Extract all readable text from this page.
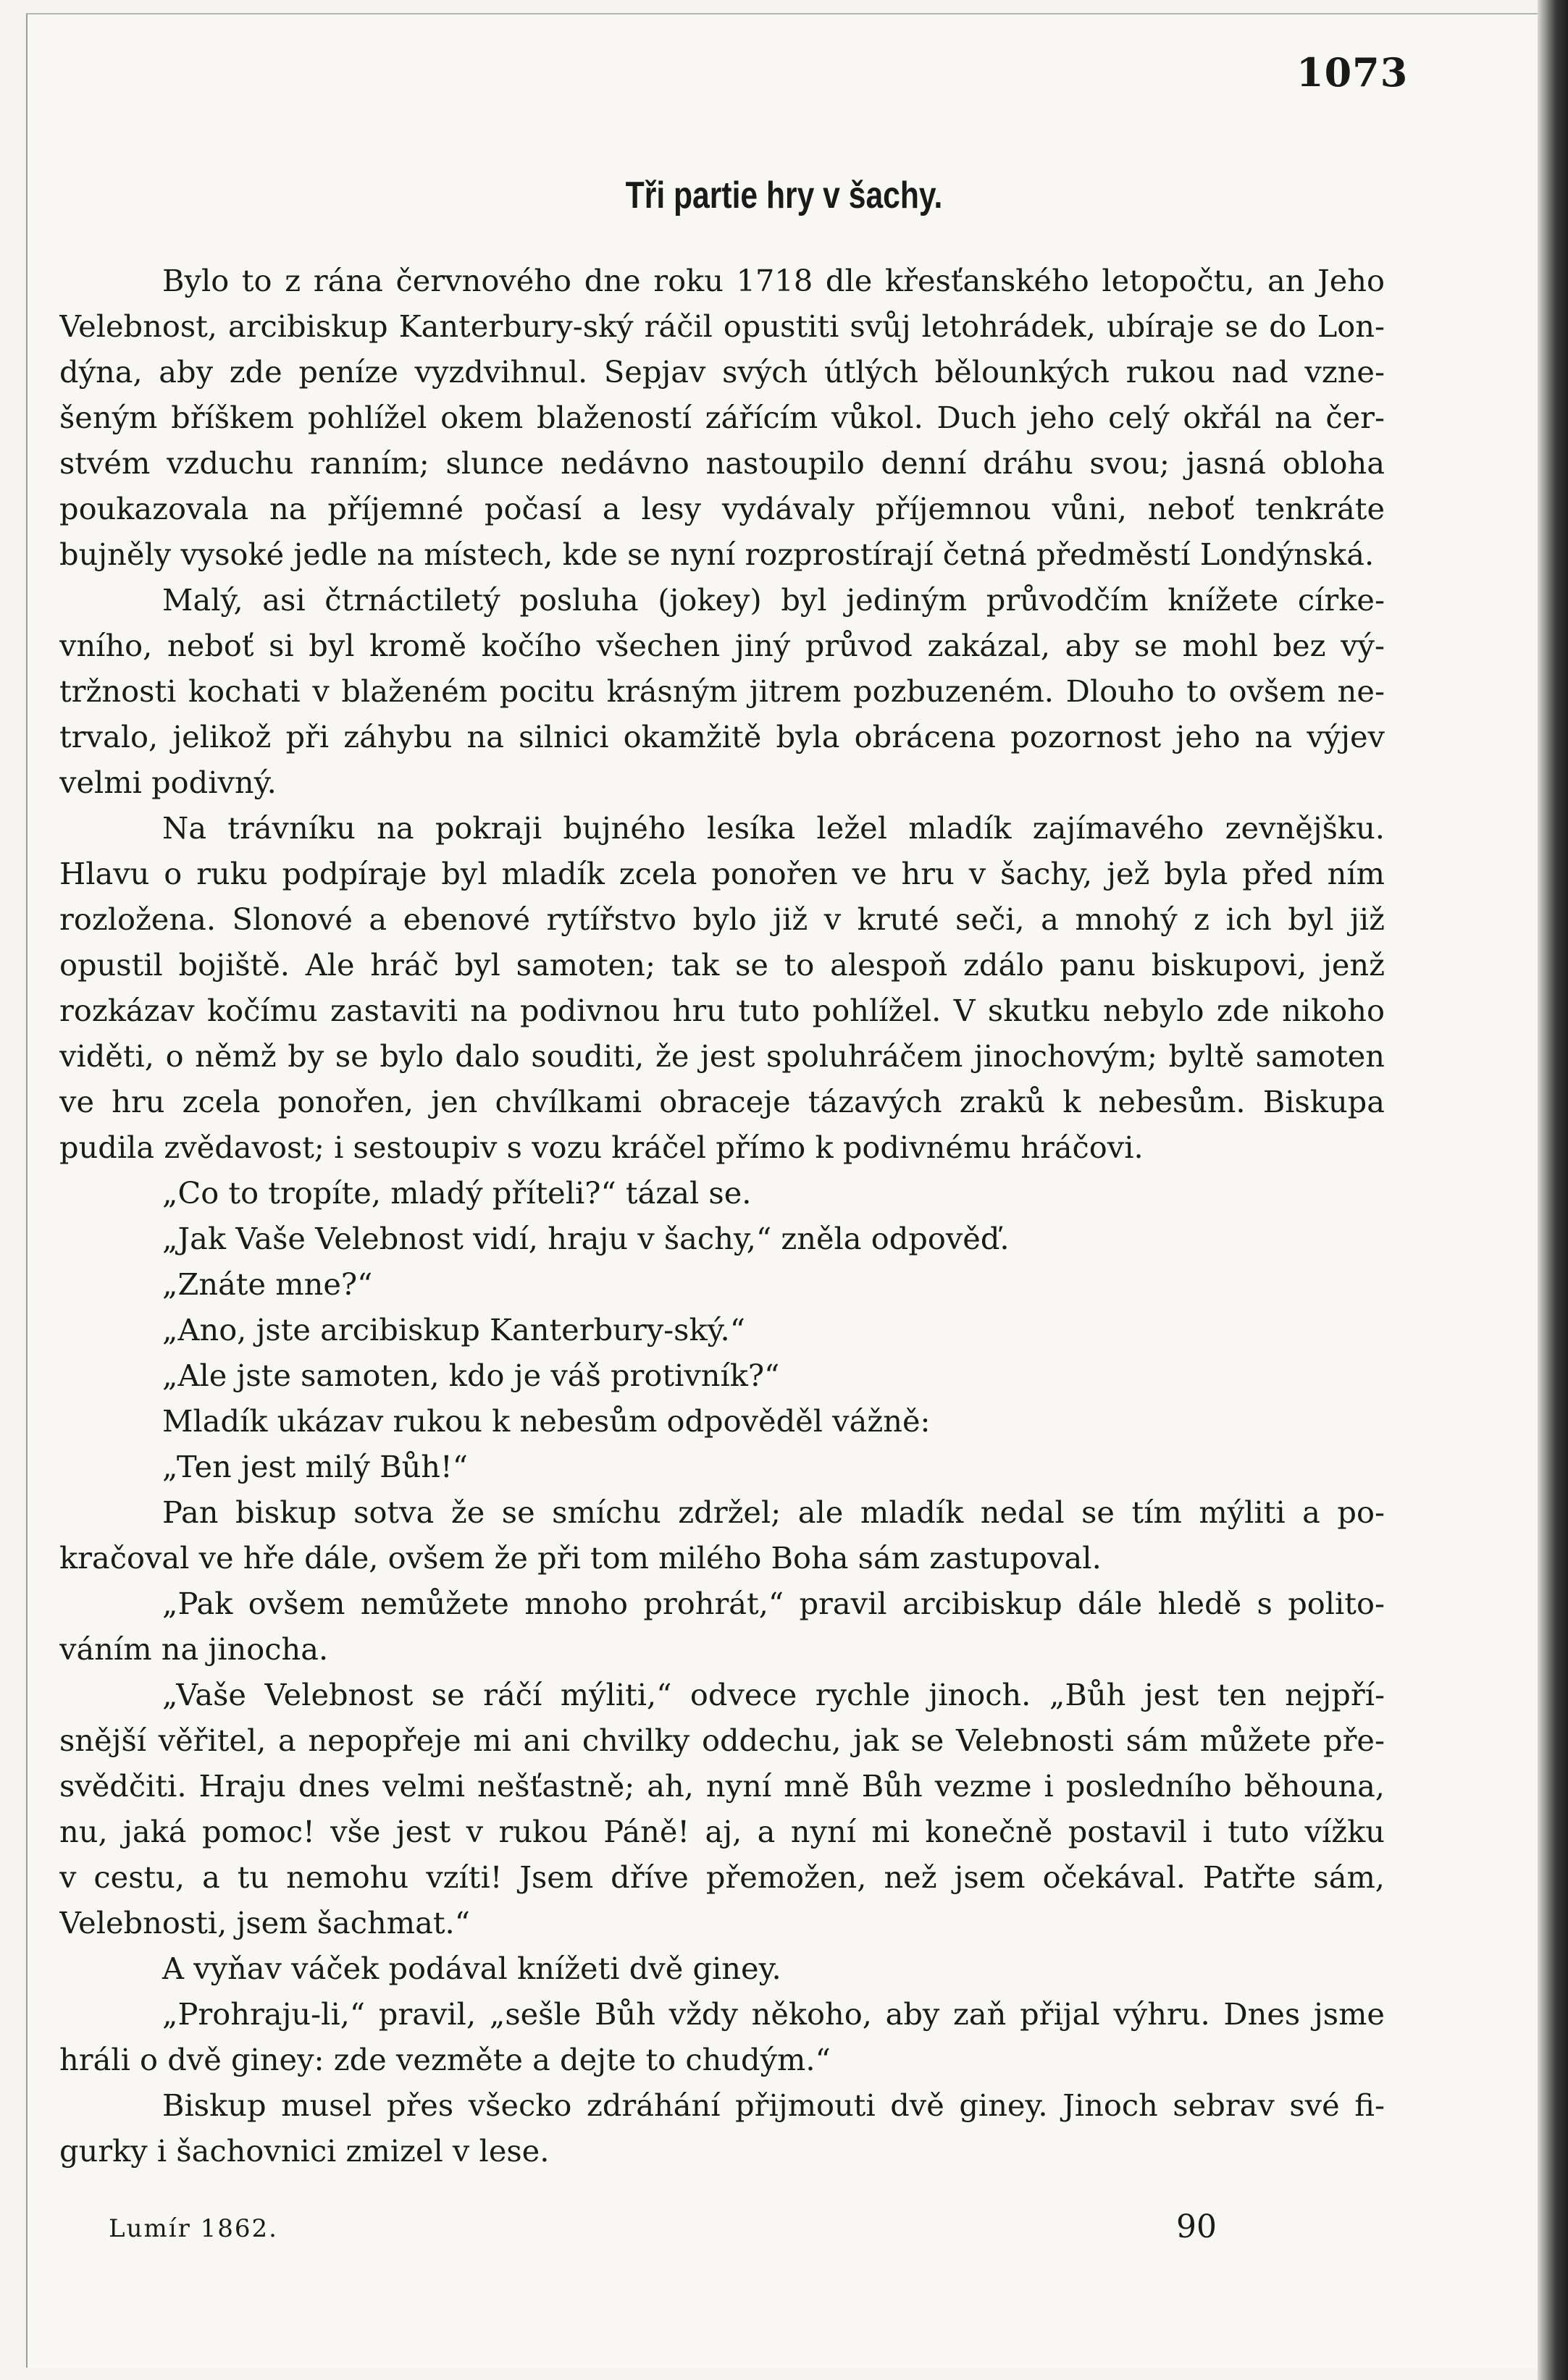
1073
Tři partie hry v šachy.
Bylo to z rána červnového dne roku 1718 dle křesťanského letopočtu, an Jeho
Velebnost, arcibiskup Kanterbury-ský ráčil opustiti svůj letohrádek, ubíraje se do Lon-
dýna, aby zde peníze vyzdvihnul. Sepjav svých útlých bělounkých rukou nad vzne-
šeným bříškem pohlížel okem blažeností zářícím vůkol. Duch jeho celý okřál na čer-
stvém vzduchu ranním; slunce nedávno nastoupilo denní dráhu svou; jasná obloha
poukazovala na příjemné počasí a lesy vydávaly příjemnou vůni, neboť tenkráte
bujněly vysoké jedle na místech, kde se nyní rozprostírají četná předměstí Londýnská.
Malý, asi čtrnáctiletý posluha (jokey) byl jediným průvodčím knížete círke-
vního, neboť si byl kromě kočího všechen jiný průvod zakázal, aby se mohl bez vý-
tržnosti kochati v blaženém pocitu krásným jitrem pozbuzeném. Dlouho to ovšem ne-
trvalo, jelikož při záhybu na silnici okamžitě byla obrácena pozornost jeho na výjev
velmi podivný.
Na trávníku na pokraji bujného lesíka ležel mladík zajímavého zevnějšku.
Hlavu o ruku podpíraje byl mladík zcela ponořen ve hru v šachy, jež byla před ním
rozložena. Slonové a ebenové rytířstvo bylo již v kruté seči, a mnohý z ich byl již
opustil bojiště. Ale hráč byl samoten; tak se to alespoň zdálo panu biskupovi, jenž
rozkázav kočímu zastaviti na podivnou hru tuto pohlížel. V skutku nebylo zde nikoho
viděti, o němž by se bylo dalo souditi, že jest spoluhráčem jinochovým; byltě samoten
ve hru zcela ponořen, jen chvílkami obraceje tázavých zraků k nebesům. Biskupa
pudila zvědavost; i sestoupiv s vozu kráčel přímo k podivnému hráčovi.
„Co to tropíte, mladý příteli?“ tázal se.
„Jak Vaše Velebnost vidí, hraju v šachy,“ zněla odpověď.
„Znáte mne?“
„Ano, jste arcibiskup Kanterbury-ský.“
„Ale jste samoten, kdo je váš protivník?“
Mladík ukázav rukou k nebesům odpověděl vážně:
„Ten jest milý Bůh!“
Pan biskup sotva že se smíchu zdržel; ale mladík nedal se tím mýliti a po-
kračoval ve hře dále, ovšem že při tom milého Boha sám zastupoval.
„Pak ovšem nemůžete mnoho prohrát,“ pravil arcibiskup dále hledě s polito-
váním na jinocha.
„Vaše Velebnost se ráčí mýliti,“ odvece rychle jinoch. „Bůh jest ten nejpří-
snější věřitel, a nepopřeje mi ani chvilky oddechu, jak se Velebnosti sám můžete pře-
svědčiti. Hraju dnes velmi nešťastně; ah, nyní mně Bůh vezme i posledního běhouna,
nu, jaká pomoc! vše jest v rukou Páně! aj, a nyní mi konečně postavil i tuto vížku
v cestu, a tu nemohu vzíti! Jsem dříve přemožen, než jsem očekával. Patřte sám,
Velebnosti, jsem šachmat.“
A vyňav váček podával knížeti dvě giney.
„Prohraju-li,“ pravil, „sešle Bůh vždy někoho, aby zaň přijal výhru. Dnes jsme
hráli o dvě giney: zde vezměte a dejte to chudým.“
Biskup musel přes všecko zdráhání přijmouti dvě giney. Jinoch sebrav své fi-
gurky i šachovnici zmizel v lese.
Lumír 1862.	90
